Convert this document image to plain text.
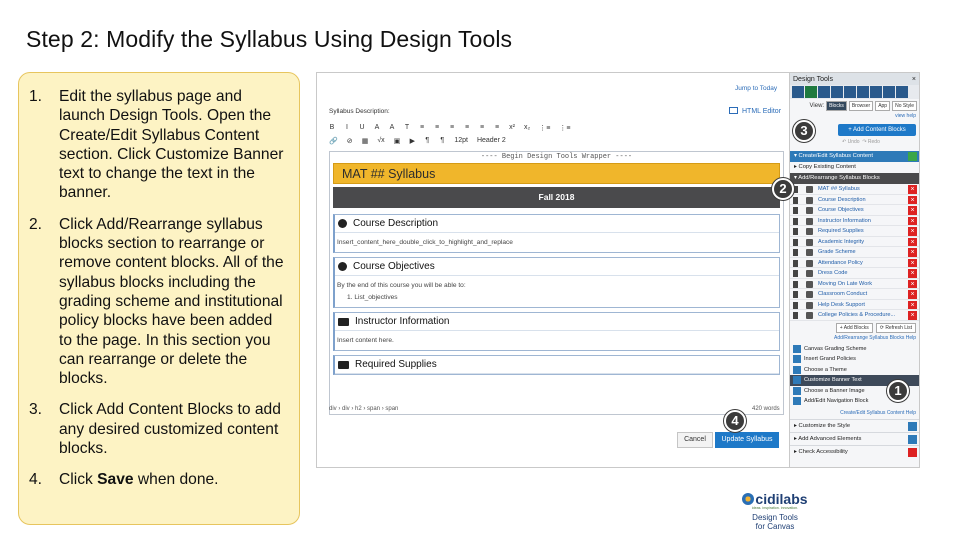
Step 2: Modify the Syllabus Using Design Tools
1.	Edit the syllabus page and launch Design Tools. Open the Create/Edit Syllabus Content section. Click Customize Banner text to change the text in the banner.
2.	Click Add/Rearrange syllabus blocks section to rearrange or remove content blocks. All of the syllabus blocks including the grading scheme and institutional policy blocks have been added to the page. In this section you can rearrange or delete the blocks.
3.	Click Add Content Blocks to add any desired customized content blocks.
4.	Click Save when done.
Jump to Today
HTML Editor
Syllabus Description:
B I U A A T ≡ ≡ ≡ ≡ ≡ ≡ x² x₂ ⋮≡ ⋮≡
🔗 ⊘ ▦ √x ▣ ▶ ¶ ¶ 12pt Header 2
---- Begin Design Tools Wrapper ----
MAT ## Syllabus
Fall 2018
Course Description
Insert_content_here_double_click_to_highlight_and_replace
Course Objectives
By the end of this course you will be able to:
1. List_objectives
Instructor Information
Insert content here.
Required Supplies
div › div › h2 › span › span	420 words
Cancel	Update Syllabus
Design Tools	×
View:	Blocks	Browser	App	No Style
view help
+ Add Content Blocks
↶ Undo ↷ Redo
▾ Create/Edit Syllabus Content
▸ Copy Existing Content
▾ Add/Rearrange Syllabus Blocks
MAT ## Syllabus	×
Course Description	×
Course Objectives	×
Instructor Information	×
Required Supplies	×
Academic Integrity	×
Grade Scheme	×
Attendance Policy	×
Dress Code	×
Moving On Late Work	×
Classroom Conduct	×
Help Desk Support	×
College Policies & Procedure...	×
+ Add Blocks	⟳ Refresh List
Add/Rearrange Syllabus Blocks Help
Canvas Grading Scheme
Insert Grand Policies
Choose a Theme
Customize Banner Text
Choose a Banner Image
Add/Edit Navigation Block
Create/Edit Syllabus Content Help
▸ Customize the Style
▸ Add Advanced Elements
▸ Check Accessibility
1
2
3
4
cidilabs
ideas. inspiration. innovation.
Design Tools
for Canvas
